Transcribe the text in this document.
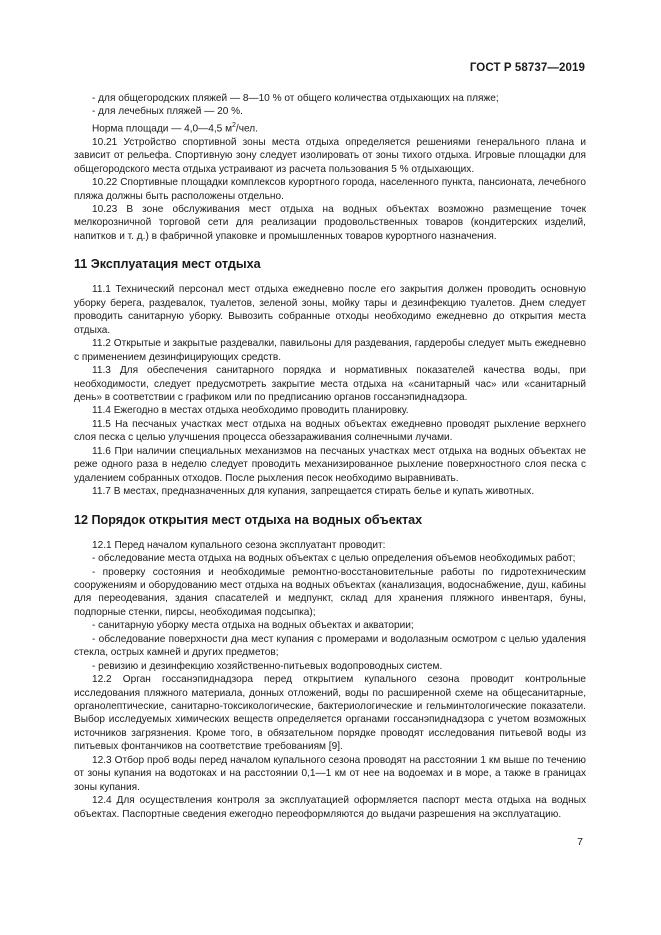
ГОСТ Р 58737—2019

- для общегородских пляжей — 8—10 % от общего количества отдыхающих на пляже;

- для лечебных пляжей — 20 %.

Норма площади — 4,0—4,5 $м^2$/чел.

10.21 Устройство спортивной зоны места отдыха определяется решениями генерального плана и зависит от рельефа. Спортивную зону следует изолировать от зоны тихого отдыха. Игровые площадки для общегородского места отдыха устраивают из расчета пользования 5 % отдыхающих.

10.22 Спортивные площадки комплексов курортного города, населенного пункта, пансионата, лечебного пляжа должны быть расположены отдельно.

10.23 В зоне обслуживания мест отдыха на водных объектах возможно размещение точек мелкорозничной торговой сети для реализации продовольственных товаров (кондитерских изделий, напитков и т. д.) в фабричной упаковке и промышленных товаров курортного назначения.

11 Эксплуатация мест отдыха

11.1 Технический персонал мест отдыха ежедневно после его закрытия должен проводить основную уборку берега, раздевалок, туалетов, зеленой зоны, мойку тары и дезинфекцию туалетов. Днем следует проводить санитарную уборку. Вывозить собранные отходы необходимо ежедневно до открытия места отдыха.

11.2 Открытые и закрытые раздевалки, павильоны для раздевания, гардеробы следует мыть ежедневно с применением дезинфицирующих средств.

11.3 Для обеспечения санитарного порядка и нормативных показателей качества воды, при необходимости, следует предусмотреть закрытие места отдыха на «санитарный час» или «санитарный день» в соответствии с графиком или по предписанию органов госсанэпиднадзора.

11.4 Ежегодно в местах отдыха необходимо проводить планировку.

11.5 На песчаных участках мест отдыха на водных объектах ежедневно проводят рыхление верхнего слоя песка с целью улучшения процесса обеззараживания солнечными лучами.

11.6 При наличии специальных механизмов на песчаных участках мест отдыха на водных объектах не реже одного раза в неделю следует проводить механизированное рыхление поверхностного слоя песка с удалением собранных отходов. После рыхления песок необходимо выравнивать.

11.7 В местах, предназначенных для купания, запрещается стирать белье и купать животных.

12 Порядок открытия мест отдыха на водных объектах

12.1 Перед началом купального сезона эксплуатант проводит:

- обследование места отдыха на водных объектах с целью определения объемов необходимых работ;

- проверку состояния и необходимые ремонтно-восстановительные работы по гидротехническим сооружениям и оборудованию мест отдыха на водных объектах (канализация, водоснабжение, душ, кабины для переодевания, здания спасателей и медпункт, склад для хранения пляжного инвентаря, буны, подпорные стенки, пирсы, необходимая подсыпка);

- санитарную уборку места отдыха на водных объектах и акватории;

- обследование поверхности дна мест купания с промерами и водолазным осмотром с целью удаления стекла, острых камней и других предметов;

- ревизию и дезинфекцию хозяйственно-питьевых водопроводных систем.

12.2 Орган госсанэпиднадзора перед открытием купального сезона проводит контрольные исследования пляжного материала, донных отложений, воды по расширенной схеме на общесанитарные, органолептические, санитарно-токсикологические, бактериологические и гельминтологические показатели. Выбор исследуемых химических веществ определяется органами госсанэпиднадзора с учетом возможных источников загрязнения. Кроме того, в обязательном порядке проводят исследования питьевой воды из питьевых фонтанчиков на соответствие требованиям [9].

12.3 Отбор проб воды перед началом купального сезона проводят на расстоянии 1 км выше по течению от зоны купания на водотоках и на расстоянии 0,1—1 км от нее на водоемах и в море, а также в границах зоны купания.

12.4 Для осуществления контроля за эксплуатацией оформляется паспорт места отдыха на водных объектах. Паспортные сведения ежегодно переоформляются до выдачи разрешения на эксплуатацию.

7
